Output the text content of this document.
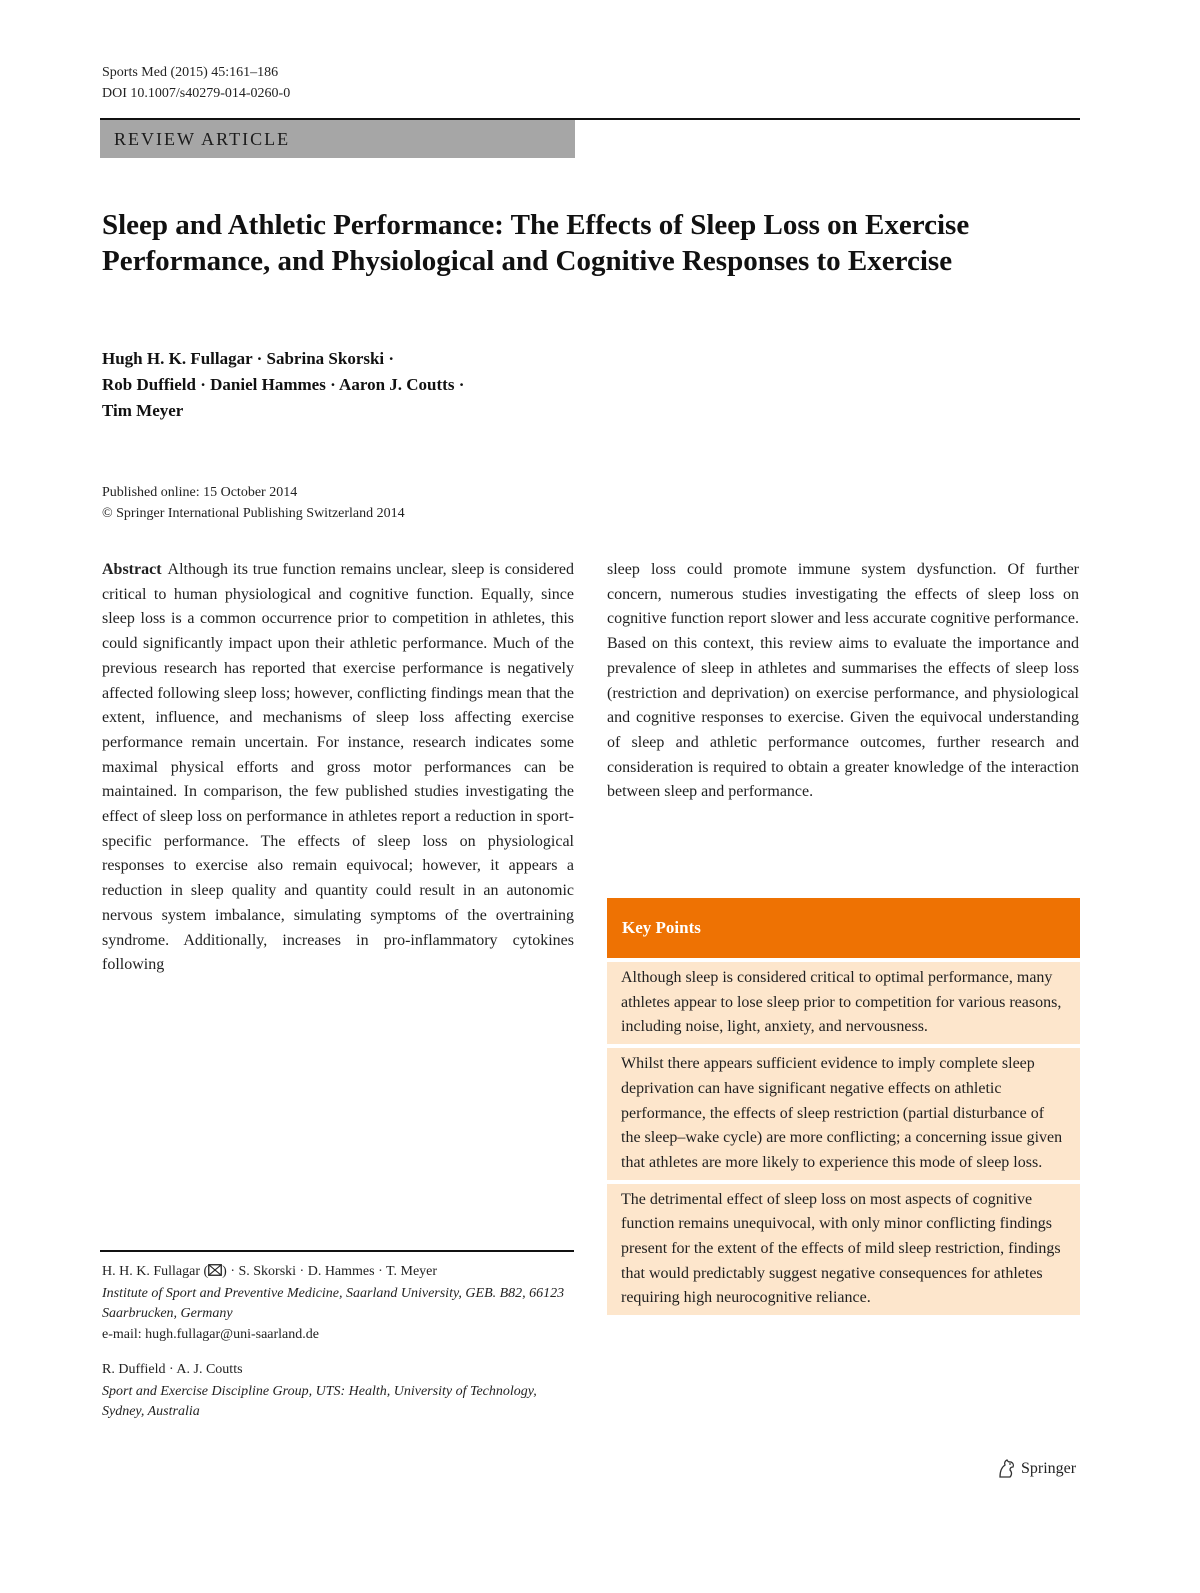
Sports Med (2015) 45:161–186
DOI 10.1007/s40279-014-0260-0
REVIEW ARTICLE
Sleep and Athletic Performance: The Effects of Sleep Loss on Exercise Performance, and Physiological and Cognitive Responses to Exercise
Hugh H. K. Fullagar · Sabrina Skorski ·
Rob Duffield · Daniel Hammes · Aaron J. Coutts ·
Tim Meyer
Published online: 15 October 2014
© Springer International Publishing Switzerland 2014

Abstract Although its true function remains unclear, sleep is considered critical to human physiological and cognitive function. Equally, since sleep loss is a common occurrence prior to competition in athletes, this could significantly impact upon their athletic performance. Much of the previous research has reported that exercise performance is negatively affected following sleep loss; however, conflicting findings mean that the extent, influence, and mechanisms of sleep loss affecting exercise performance remain uncertain. For instance, research indicates some maximal physical efforts and gross motor performances can be maintained. In comparison, the few published studies investigating the effect of sleep loss on performance in athletes report a reduction in sport-specific performance. The effects of sleep loss on physiological responses to exercise also remain equivocal; however, it appears a reduction in sleep quality and quantity could result in an autonomic nervous system imbalance, simulating symptoms of the overtraining syndrome. Additionally, increases in pro-inflammatory cytokines following

sleep loss could promote immune system dysfunction. Of further concern, numerous studies investigating the effects of sleep loss on cognitive function report slower and less accurate cognitive performance. Based on this context, this review aims to evaluate the importance and prevalence of sleep in athletes and summarises the effects of sleep loss (restriction and deprivation) on exercise performance, and physiological and cognitive responses to exercise. Given the equivocal understanding of sleep and athletic performance outcomes, further research and consideration is required to obtain a greater knowledge of the interaction between sleep and performance.

Key Points
Although sleep is considered critical to optimal performance, many athletes appear to lose sleep prior to competition for various reasons, including noise, light, anxiety, and nervousness.
Whilst there appears sufficient evidence to imply complete sleep deprivation can have significant negative effects on athletic performance, the effects of sleep restriction (partial disturbance of the sleep–wake cycle) are more conflicting; a concerning issue given that athletes are more likely to experience this mode of sleep loss.
The detrimental effect of sleep loss on most aspects of cognitive function remains unequivocal, with only minor conflicting findings present for the extent of the effects of mild sleep restriction, findings that would predictably suggest negative consequences for athletes requiring high neurocognitive reliance.
H. H. K. Fullagar ( ) · S. Skorski · D. Hammes · T. Meyer
Institute of Sport and Preventive Medicine, Saarland University, GEB. B82, 66123 Saarbrucken, Germany
e-mail: hugh.fullagar@uni-saarland.de
R. Duffield · A. J. Coutts
Sport and Exercise Discipline Group, UTS: Health, University of Technology, Sydney, Australia
Springer
